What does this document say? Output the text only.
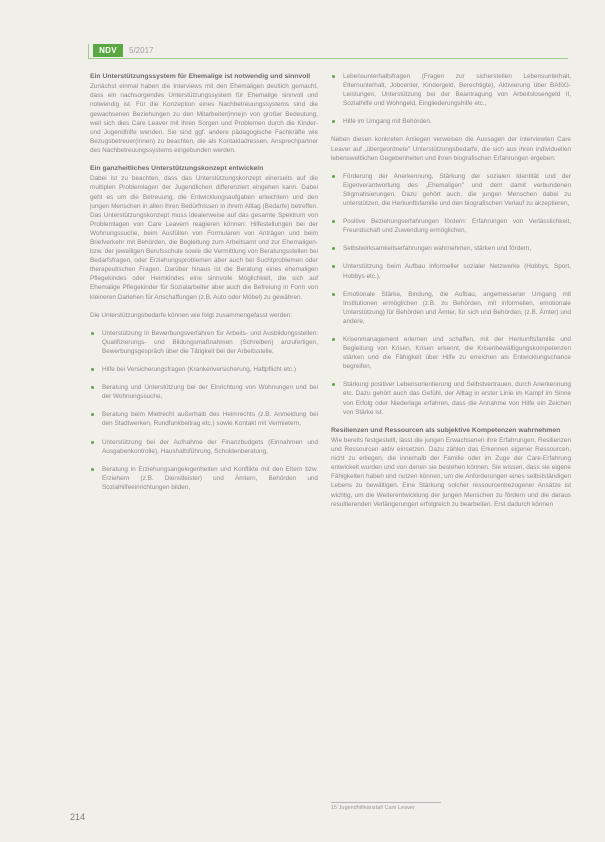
NDV	5/2017
Ein Unterstützungssystem für Ehemalige ist notwendig und sinnvoll

Zunächst einmal haben die Interviews mit den Ehemaligen deutlich gemacht, dass ein nachsorgendes Unterstützungssystem für Ehemalige sinnvoll und notwendig ist. Für die Konzeption eines Nachbetreuungssystems sind die gewachsenen Beziehungen zu den Mitarbeiter(inne)n von großer Bedeutung, weil sich dies Care Leaver mit ihren Sorgen und Problemen durch die Kinder- und Jugendhilfe wenden. Sie sind ggf. andere pädagogische Fachkräfte wie Bezugsbetreuer(innen) zu beachten, die als Kontaktadressen, Ansprechpartner des Nachbetreuungssystems eingebunden werden.

Ein ganzheitliches Unterstützungskonzept entwickeln

Dabei ist zu beachten, dass das Unterstützungskonzept einerseits auf die multiplen Problemlagen der Jugendlichen differenziert eingehen kann. Dabei geht es um die Betreuung, die Entwicklungsaufgaben erleichtern und den jungen Menschen in allen ihren Bedürfnissen in ihrem Alltag (Bedarfe) betreffen. Das Unterstützungskonzept muss idealerweise auf das gesamte Spektrum von Problemlagen von Care Leavern reagieren können: Hilfestellungen bei der Wohnungssuche, beim Ausfüllen von Formularen von Anträgen und beim Briefverkehr mit Behörden, die Begleitung zum Arbeitsamt und zur Ehemaligen- bzw. der jeweiligen Berufsschule sowie die Vermittlung von Beratungsstellen bei Bedarfsfragen, oder Erziehungsproblemen aber auch bei Suchtproblemen oder therapeutischen Fragen. Darüber hinaus ist die Beratung eines ehemaligen Pflegekindes oder Heimkindes eine sinnvolle Möglichkeit, die sich auf Ehemalige Pflegekinder für Sozialarbeiter aber auch die Befreiung in Form von kleineren Darlehen für Anschaffungen (z.B. Auto oder Möbel) zu gewähren.

Die Unterstützungsbedarfe können wie folgt zusammengefasst werden:

Unterstützung in Bewerbungsverfahren für Arbeits- und Ausbildungsstellen: Qualifizierungs- und Bildungsmaßnahmen (Schreiben) anzufertigen, Bewerbungsgespräch über die Tätigkeit bei der Arbeitsstelle,
Hilfe bei Versicherungsfragen (Krankenversicherung, Haftpflicht etc.)
Beratung und Unterstützung bei der Einrichtung von Wohnungen und bei der Wohnungssuche,
Beratung beim Mietrecht außerhalb des Heimrechts (z.B. Anmeldung bei den Stadtwerken, Rundfunkbeitrag etc.) sowie Kontakt mit Vermietern,
Unterstützung bei der Aufnahme der Finanzbudgets (Einnahmen und Ausgabenkontrolle), Haushaltsführung, Schuldenberatung,
Beratung in Erziehungsangelegenheiten und Konflikte mit den Eltern bzw. Erziehern (z.B. Dienstleister) und Ämtern, Behörden und Sozialhilfeeinrichtungen bilden,
Lebensunterhaltsfragen (Fragen zur sicherstellen Lebensunterhalt, Elternunterhalt, Jobcenter, Kindergeld, Berechtigte), Aktivierung über BAföG-Leistungen, Unterstützung bei der Beantragung von Arbeitslosengeld II, Sozialhilfe und Wohngeld, Eingliederungshilfe etc.,
Hilfe im Umgang mit Behörden.

Neben diesen konkreten Anliegen verweisen die Aussagen der interviewten Care Leaver auf „übergeordnete" Unterstützungsbedarfe, die sich aus ihren individuellen lebensweltlichen Gegebenheiten und ihren biografischen Erfahrungen ergeben:

Förderung der Anerkennung, Stärkung der sozialen Identität und der Eigenverantwortung des „Ehemaligen" und dem damit verbundenen Stigmatisierungen. Dazu gehört auch, die jungen Menschen dabei zu unterstützen, die Herkunftsfamilie und den biografischen Verlauf zu akzeptieren,
Positive Beziehungserfahrungen fördern: Erfahrungen von Verlässlichkeit, Freundschaft und Zuwendung ermöglichen,
Selbstwirksamkeitserfahrungen wahrnehmen, stärken und fördern,
Unterstützung beim Aufbau informeller sozialer Netzwerke (Hobbys, Sport, Hobbys etc.),
Emotionale Stärke, Bindung, die Aufbau, angemessener Umgang mit Institutionen ermöglichen (z.B. zu Behörden, mit informellen, emotionale Unterstützung) für Behörden und Ämter, für sich und Behörden, (z.B. Ämter) und andere,
Krisenmanagement erlernen und schaffen, mit der Herkunftsfamilie und Begleitung von Krisen, Krisen erkennt, die Krisenbewältigungskompetenzen stärken und die Fähigkeit über Hilfe zu erreichen als Entwicklungschance begreifen,
Stärkung positiver Lebensorientierung und Selbstvertrauen, durch Anerkennung etc. Dazu gehört auch das Gefühl, der Alltag in erster Linie im Kampf im Sinne von Erfolg oder Niederlage erfahren, dass die Annahme von Hilfe ein Zeichen von Stärke ist.
Resilienzen und Ressourcen als subjektive Kompetenzen wahrnehmen

Wie bereits festgestellt, lässt die jungen Erwachsenen ihre Erfahrungen, Resilienzen und Ressourcen aktiv einsetzen. Dazu zählen das Erkennen eigener Ressourcen, nicht zu erliegen, die innerhalb der Familie oder im Zuge der Care-Erfahrung entwickelt wurden und von denen sie bestehen können. Sie wissen, dass sie eigene Fähigkeiten haben und nutzen können, um die Anforderungen eines selbstständigen Lebens zu bewältigen. Eine Stärkung solcher ressourcenbezogener Ansätze ist wichtig, um die Weiterentwicklung der jungen Menschen zu fördern und die daraus resultierenden Verlängerungen erfolgreich zu bearbeiten. Erst dadurch können

15 Jugendhilfeanstalt Care Leaver
214
